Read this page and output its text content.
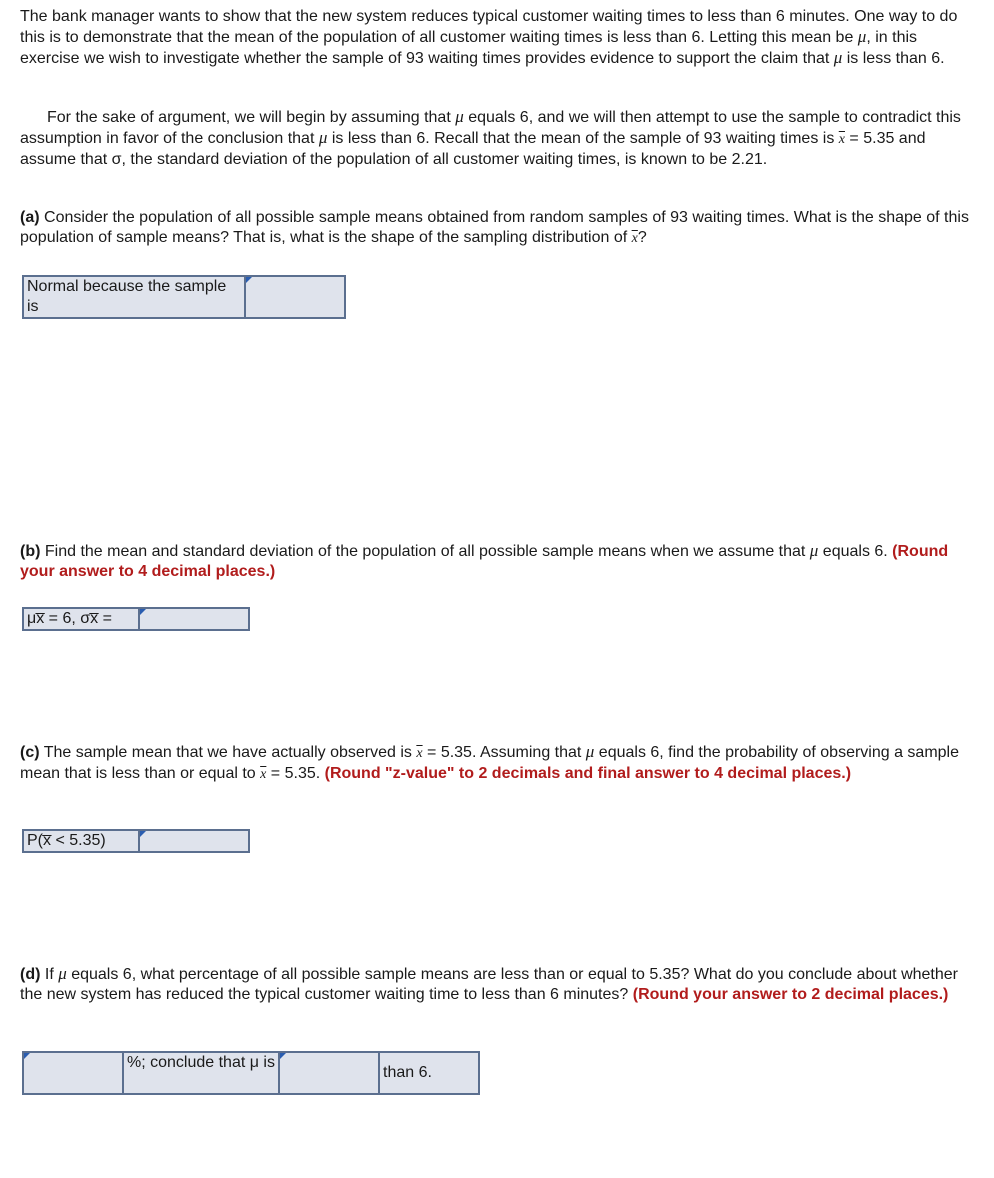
The bank manager wants to show that the new system reduces typical customer waiting times to less than 6 minutes. One way to do this is to demonstrate that the mean of the population of all customer waiting times is less than 6. Letting this mean be μ, in this exercise we wish to investigate whether the sample of 93 waiting times provides evidence to support the claim that μ is less than 6.

For the sake of argument, we will begin by assuming that μ equals 6, and we will then attempt to use the sample to contradict this assumption in favor of the conclusion that μ is less than 6. Recall that the mean of the sample of 93 waiting times is $\overline{x} = 5.35$ and assume that σ, the standard deviation of the population of all customer waiting times, is known to be 2.21.

(a) Consider the population of all possible sample means obtained from random samples of 93 waiting times. What is the shape of this population of sample means? That is, what is the shape of the sampling distribution of $\overline{x}$?

Normal because the sample is	

(b) Find the mean and standard deviation of the population of all possible sample means when we assume that μ equals 6. (Round your answer to 4 decimal places.)

μx̅ = 6, σx̅ =	

(c) The sample mean that we have actually observed is $\overline{x} = 5.35$. Assuming that μ equals 6, find the probability of observing a sample mean that is less than or equal to $\overline{x} = 5.35$. (Round "z-value" to 2 decimals and final answer to 4 decimal places.)

P(x̅ < 5.35)	

(d) If μ equals 6, what percentage of all possible sample means are less than or equal to 5.35? What do you conclude about whether the new system has reduced the typical customer waiting time to less than 6 minutes? (Round your answer to 2 decimal places.)

	%; conclude that μ is		than 6.
